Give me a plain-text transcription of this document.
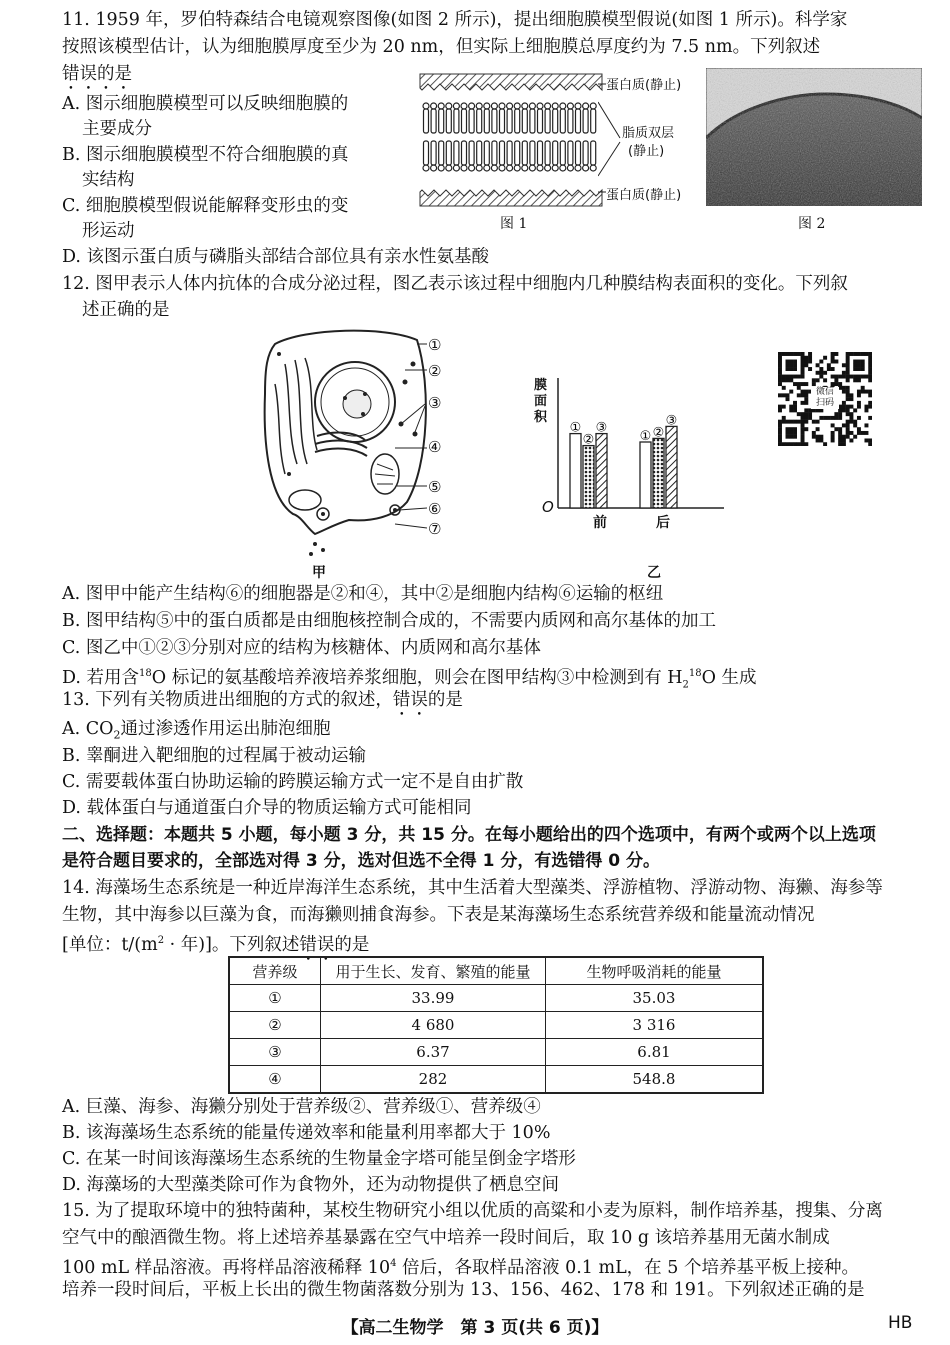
11. 1959 年，罗伯特森结合电镜观察图像(如图 2 所示)，提出细胞膜模型假说(如图 1 所示)。科学家
按照该模型估计，认为细胞膜厚度至少为 20 nm，但实际上细胞膜总厚度约为 7.5 nm。下列叙述
错误的是
A. 图示细胞膜模型可以反映细胞膜的
主要成分
B. 图示细胞膜模型不符合细胞膜的真
实结构
C. 细胞膜模型假说能解释变形虫的变
形运动
D. 该图示蛋白质与磷脂头部结合部位具有亲水性氨基酸
蛋白质(静止)
脂质双层
(静止)
蛋白质(静止)
图 1	图 2
12. 图甲表示人体内抗体的合成分泌过程，图乙表示该过程中细胞内几种膜结构表面积的变化。下列叙
述正确的是
①
②
③
④
⑤
⑥
⑦
甲
①
②
③
① ②
③
膜面积
O
前	后
乙
微信
扫码
A. 图甲中能产生结构⑥的细胞器是②和④，其中②是细胞内结构⑥运输的枢纽
B. 图甲结构⑤中的蛋白质都是由细胞核控制合成的，不需要内质网和高尔基体的加工
C. 图乙中①②③分别对应的结构为核糖体、内质网和高尔基体
D. 若用含$^{18}$O 标记的氨基酸培养液培养浆细胞，则会在图甲结构③中检测到有 $H_2^{18}O$ 生成
13. 下列有关物质进出细胞的方式的叙述，错误的是
A. $CO_2$通过渗透作用运出肺泡细胞
B. 睾酮进入靶细胞的过程属于被动运输
C. 需要载体蛋白协助运输的跨膜运输方式一定不是自由扩散
D. 载体蛋白与通道蛋白介导的物质运输方式可能相同
二、选择题：本题共 5 小题，每小题 3 分，共 15 分。在每小题给出的四个选项中，有两个或两个以上选项
是符合题目要求的，全部选对得 3 分，选对但选不全得 1 分，有选错得 0 分。
14. 海藻场生态系统是一种近岸海洋生态系统，其中生活着大型藻类、浮游植物、浮游动物、海獭、海参等
生物，其中海参以巨藻为食，而海獭则捕食海参。下表是某海藻场生态系统营养级和能量流动情况
[单位：$t/(m^2$ · 年)]。下列叙述错误的是
营养级	用于生长、发育、繁殖的能量	生物呼吸消耗的能量
①	33.99	35.03
②	4 680	3 316
③	6.37	6.81
④	282	548.8
A. 巨藻、海参、海獭分别处于营养级②、营养级①、营养级④
B. 该海藻场生态系统的能量传递效率和能量利用率都大于 10%
C. 在某一时间该海藻场生态系统的生物量金字塔可能呈倒金字塔形
D. 海藻场的大型藻类除可作为食物外，还为动物提供了栖息空间
15. 为了提取环境中的独特菌种，某校生物研究小组以优质的高粱和小麦为原料，制作培养基，搜集、分离
空气中的酿酒微生物。将上述培养基暴露在空气中培养一段时间后，取 10 g 该培养基用无菌水制成
100 mL 样品溶液。再将样品溶液稀释 $10^4$ 倍后，各取样品溶液 0.1 mL，在 5 个培养基平板上接种。
培养一段时间后，平板上长出的微生物菌落数分别为 13、156、462、178 和 191。下列叙述正确的是
【高二生物学　第 3 页(共 6 页)】	HB
